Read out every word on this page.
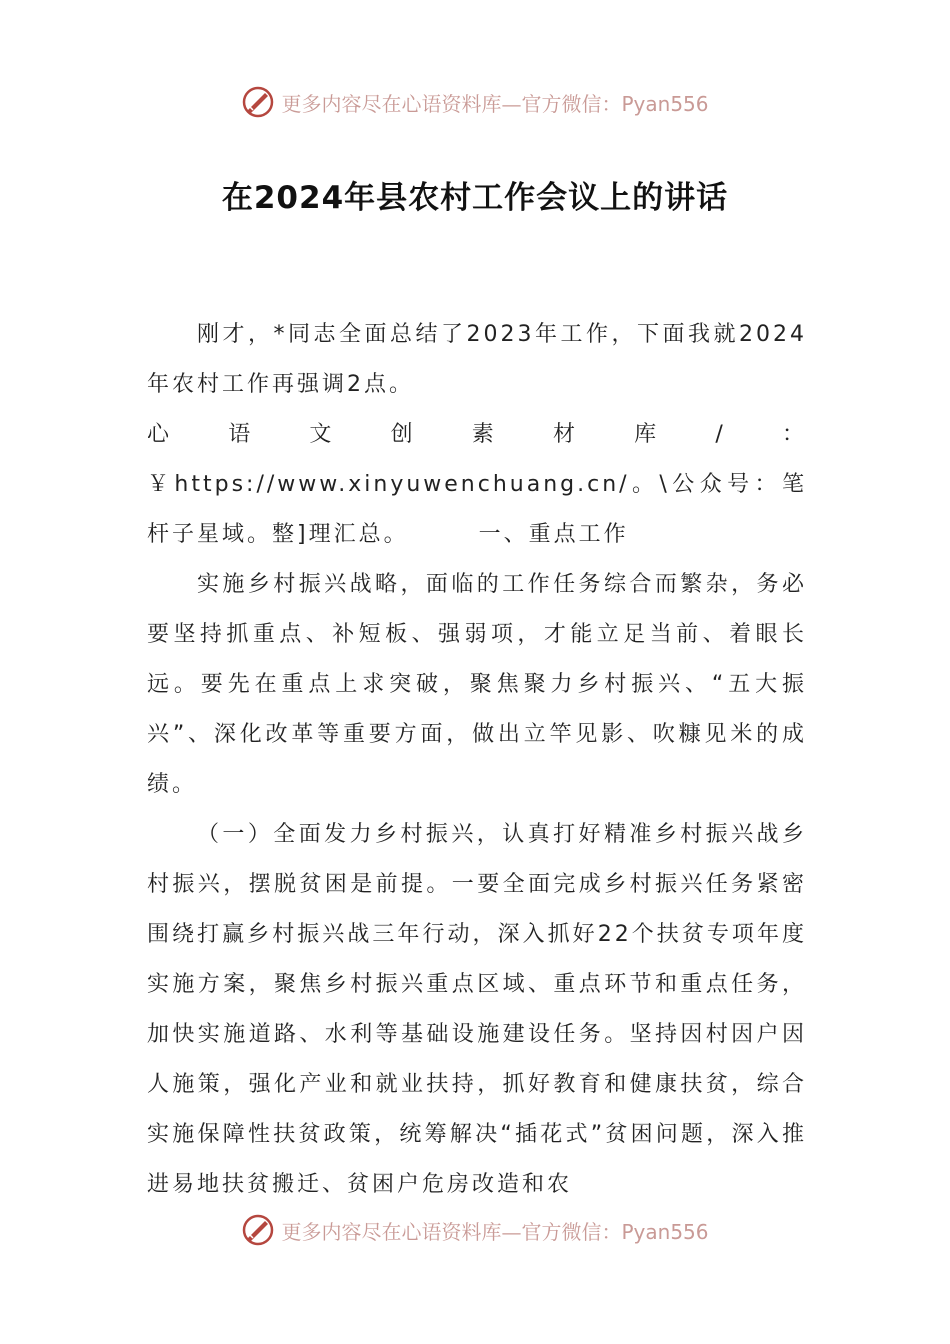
更多内容尽在心语资料库—官方微信：Pyan556
在2024年县农村工作会议上的讲话

刚才，*同志全面总结了2023年工作，下面我就2024年农村工作再强调2点。

心语文创素材库/：￥https://www.xinyuwenchuang.cn/。\公众号：笔杆子星域。整]理汇总。	一、重点工作

实施乡村振兴战略，面临的工作任务综合而繁杂，务必要坚持抓重点、补短板、强弱项，才能立足当前、着眼长远。要先在重点上求突破，聚焦聚力乡村振兴、“五大振兴”、深化改革等重要方面，做出立竿见影、吹糠见米的成绩。

（一）全面发力乡村振兴，认真打好精准乡村振兴战乡村振兴，摆脱贫困是前提。一要全面完成乡村振兴任务紧密围绕打赢乡村振兴战三年行动，深入抓好22个扶贫专项年度实施方案，聚焦乡村振兴重点区域、重点环节和重点任务，加快实施道路、水利等基础设施建设任务。坚持因村因户因人施策，强化产业和就业扶持，抓好教育和健康扶贫，综合实施保障性扶贫政策，统筹解决“插花式”贫困问题，深入推进易地扶贫搬迁、贫困户危房改造和农

更多内容尽在心语资料库—官方微信：Pyan556
